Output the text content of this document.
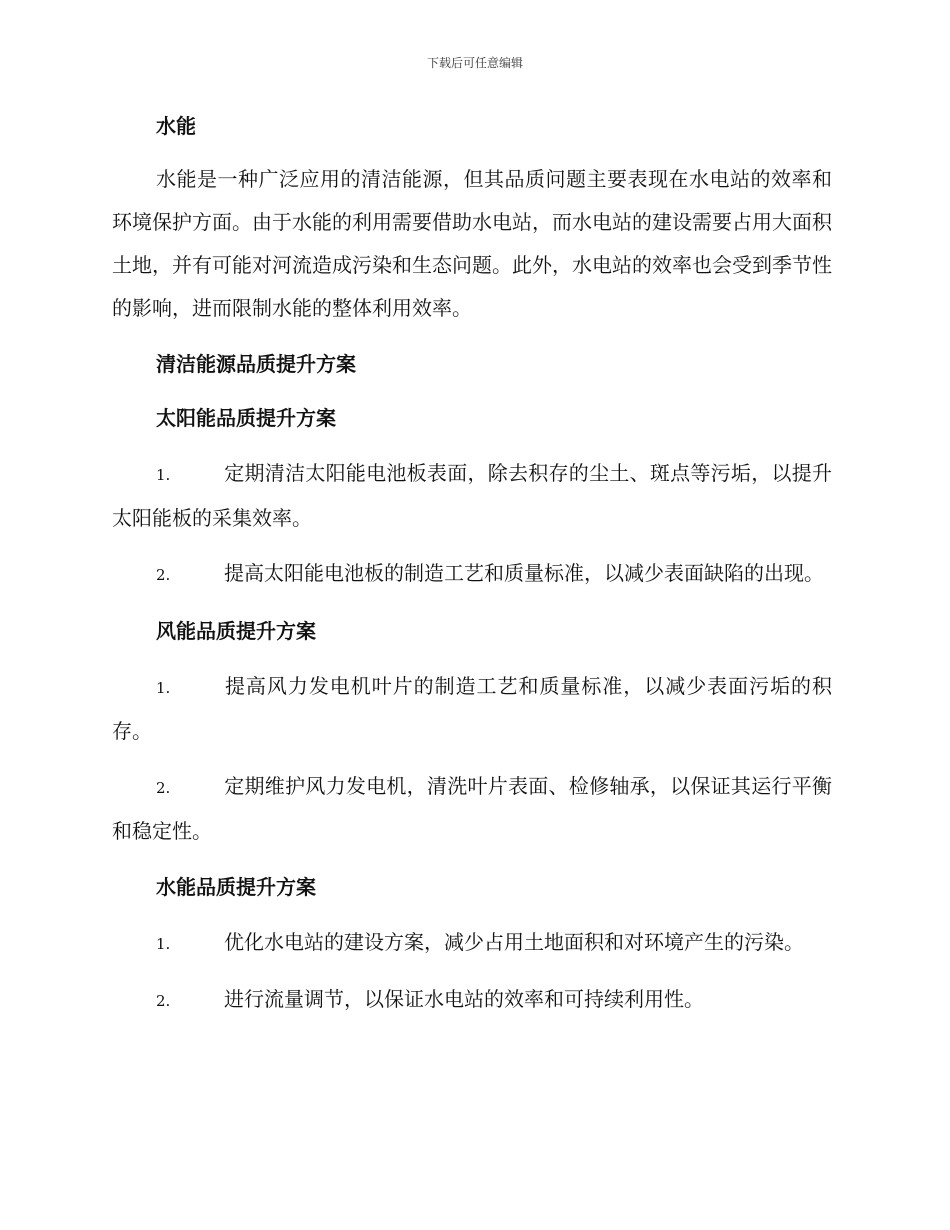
下载后可任意编辑
水能

水能是一种广泛应用的清洁能源，但其品质问题主要表现在水电站的效率和环境保护方面。由于水能的利用需要借助水电站，而水电站的建设需要占用大面积土地，并有可能对河流造成污染和生态问题。此外，水电站的效率也会受到季节性的影响，进而限制水能的整体利用效率。

清洁能源品质提升方案
太阳能品质提升方案

1.	定期清洁太阳能电池板表面，除去积存的尘土、斑点等污垢，以提升太阳能板的采集效率。

2.	提高太阳能电池板的制造工艺和质量标准，以减少表面缺陷的出现。

风能品质提升方案

1.	提高风力发电机叶片的制造工艺和质量标准，以减少表面污垢的积存。

2.	定期维护风力发电机，清洗叶片表面、检修轴承，以保证其运行平衡和稳定性。

水能品质提升方案

1.	优化水电站的建设方案，减少占用土地面积和对环境产生的污染。

2.	进行流量调节，以保证水电站的效率和可持续利用性。
